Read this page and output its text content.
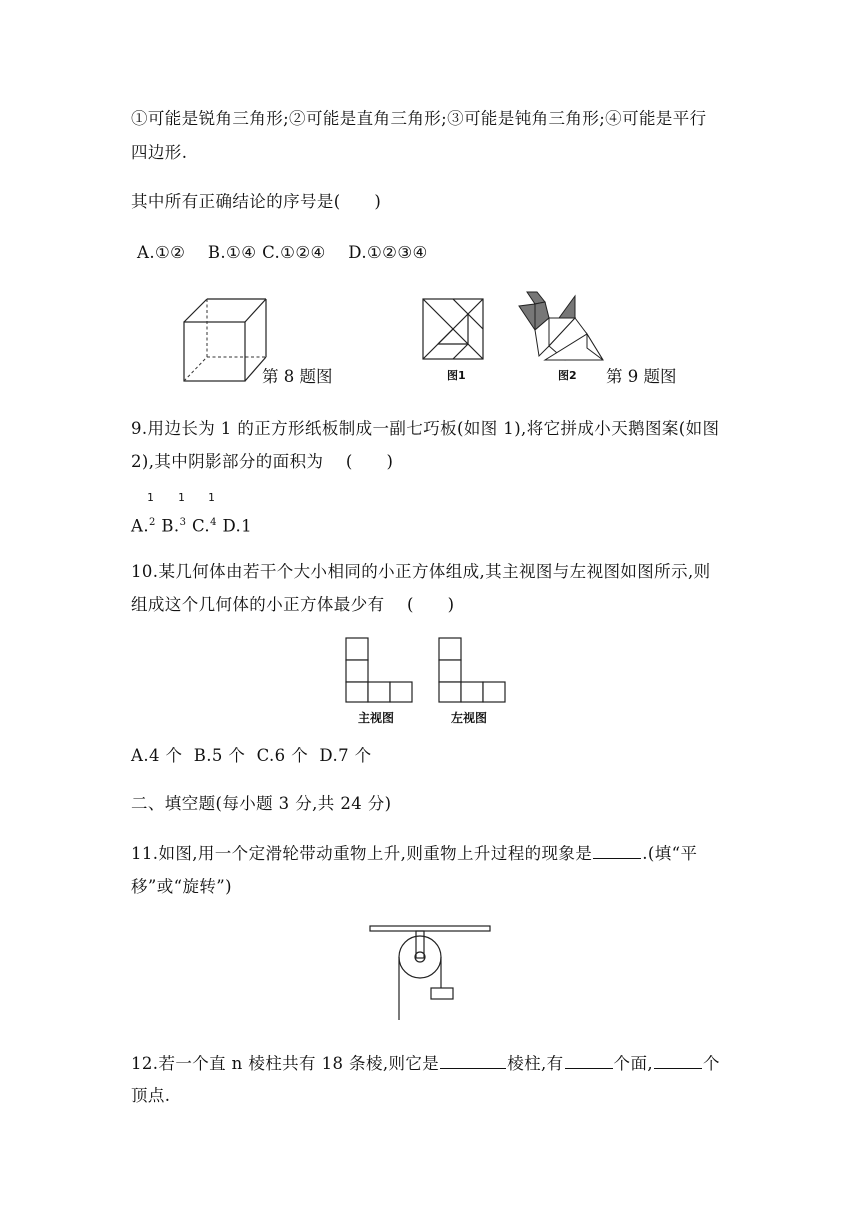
①可能是锐角三角形;②可能是直角三角形;③可能是钝角三角形;④可能是平行
四边形.
其中所有正确结论的序号是(　　)
A.①②　 B.①④ C.①②④　 D.①②③④
第 8 题图	图1	图2 第 9 题图
9.用边长为 1 的正方形纸板制成一副七巧板(如图 1),将它拼成小天鹅图案(如图
2),其中阴影部分的面积为 　(　　)
1 1 1
A.$^2$ B.$^3$ C.$^4$ D.1
10.某几何体由若干个大小相同的小正方体组成,其主视图与左视图如图所示,则
组成这个几何体的小正方体最少有 　(　　)
主视图	左视图
A.4 个  B.5 个  C.6 个  D.7 个
二、填空题(每小题 3 分,共 24 分)
11.如图,用一个定滑轮带动重物上升,则重物上升过程的现象是	.(填“平
移”或“旋转”)
12.若一个直 n 棱柱共有 18 条棱,则它是	棱柱,有	个面,	个
顶点.
